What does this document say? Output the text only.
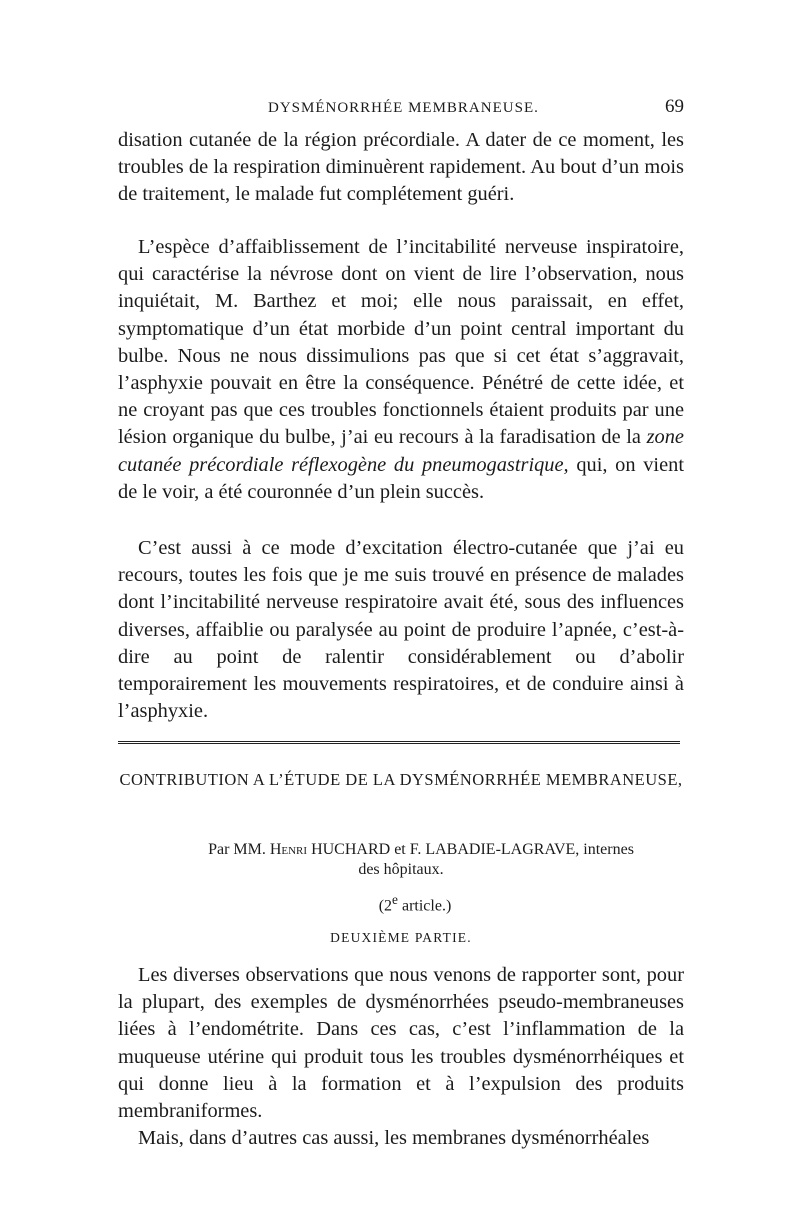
DYSMÉNORRHÉE MEMBRANEUSE.	69

disation cutanée de la région précordiale. A dater de ce moment, les troubles de la respiration diminuèrent rapidement. Au bout d’un mois de traitement, le malade fut complétement guéri.

L’espèce d’affaiblissement de l’incitabilité nerveuse inspiratoire, qui caractérise la névrose dont on vient de lire l’observation, nous inquiétait, M. Barthez et moi; elle nous paraissait, en effet, symptomatique d’un état morbide d’un point central important du bulbe. Nous ne nous dissimulions pas que si cet état s’aggravait, l’asphyxie pouvait en être la conséquence. Pénétré de cette idée, et ne croyant pas que ces troubles fonctionnels étaient produits par une lésion organique du bulbe, j’ai eu recours à la faradisation de la zone cutanée précordiale réflexogène du pneumogastrique, qui, on vient de le voir, a été couronnée d’un plein succès.

C’est aussi à ce mode d’excitation électro-cutanée que j’ai eu recours, toutes les fois que je me suis trouvé en présence de malades dont l’incitabilité nerveuse respiratoire avait été, sous des influences diverses, affaiblie ou paralysée au point de produire l’apnée, c’est-à-dire au point de ralentir considérablement ou d’abolir temporairement les mouvements respiratoires, et de conduire ainsi à l’asphyxie.

CONTRIBUTION A L’ÉTUDE DE LA DYSMÉNORRHÉE MEMBRANEUSE,
Par MM. Henri HUCHARD et F. LABADIE-LAGRAVE, internes
des hôpitaux.
(2e article.)
DEUXIÈME PARTIE.

Les diverses observations que nous venons de rapporter sont, pour la plupart, des exemples de dysménorrhées pseudo-membraneuses liées à l’endométrite. Dans ces cas, c’est l’inflammation de la muqueuse utérine qui produit tous les troubles dysménorrhéiques et qui donne lieu à la formation et à l’expulsion des produits membraniformes.

Mais, dans d’autres cas aussi, les membranes dysménorrhéales
